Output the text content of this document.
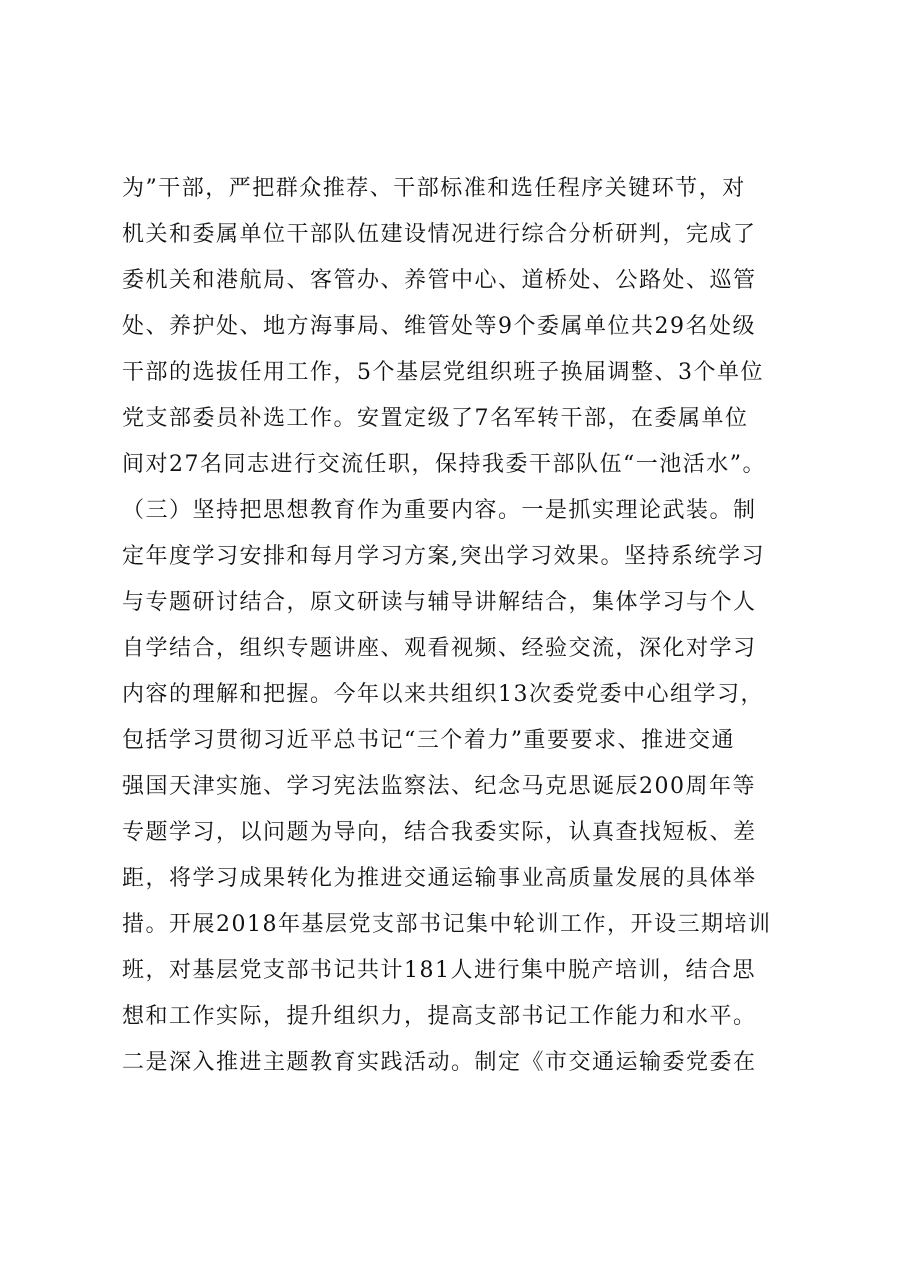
为”干部，严把群众推荐、干部标准和选任程序关键环节，对
机关和委属单位干部队伍建设情况进行综合分析研判，完成了
委机关和港航局、客管办、养管中心、道桥处、公路处、巡管
处、养护处、地方海事局、维管处等9个委属单位共29名处级
干部的选拔任用工作，5个基层党组织班子换届调整、3个单位
党支部委员补选工作。安置定级了7名军转干部，在委属单位
间对27名同志进行交流任职，保持我委干部队伍“一池活水”。
（三）坚持把思想教育作为重要内容。一是抓实理论武装。制
定年度学习安排和每月学习方案,突出学习效果。坚持系统学习
与专题研讨结合，原文研读与辅导讲解结合，集体学习与个人
自学结合，组织专题讲座、观看视频、经验交流，深化对学习
内容的理解和把握。今年以来共组织13次委党委中心组学习，
包括学习贯彻习近平总书记“三个着力”重要要求、推进交通
强国天津实施、学习宪法监察法、纪念马克思诞辰200周年等
专题学习，以问题为导向，结合我委实际，认真查找短板、差
距，将学习成果转化为推进交通运输事业高质量发展的具体举
措。开展2018年基层党支部书记集中轮训工作，开设三期培训
班，对基层党支部书记共计181人进行集中脱产培训，结合思
想和工作实际，提升组织力，提高支部书记工作能力和水平。
二是深入推进主题教育实践活动。制定《市交通运输委党委在
